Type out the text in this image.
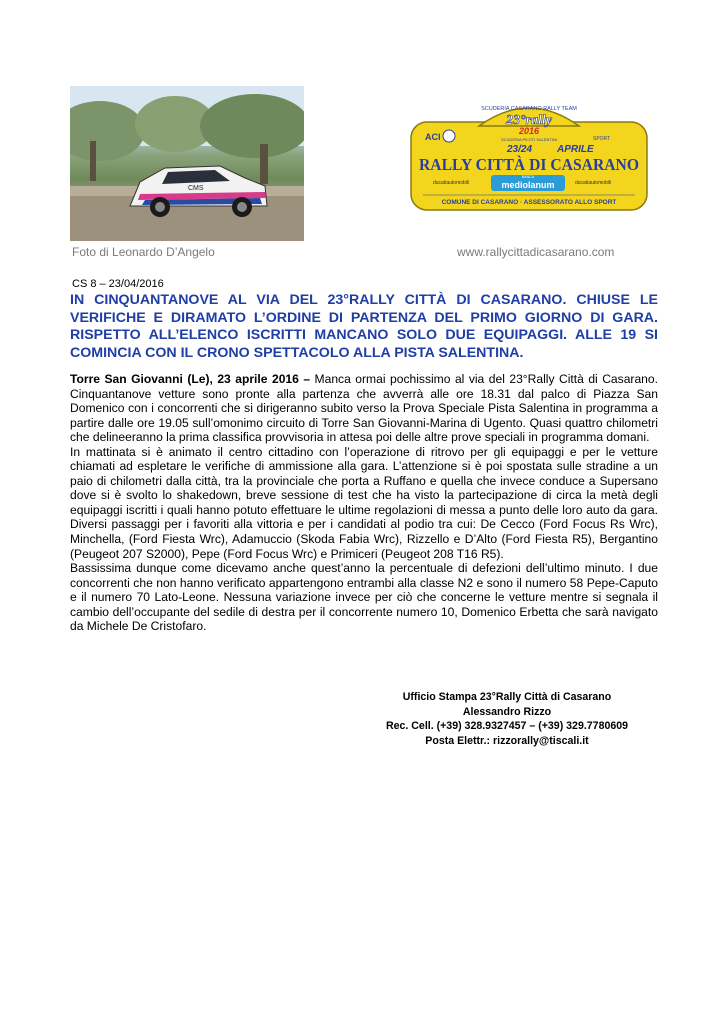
CMS
SCUDERIA CASARANO RALLY TEAM
23°rally
2016
SCUDERIA PILOTI SALENTINI
ACI
23/24 APRILE
SPORT
RALLY CITTÀ DI CASARANO
ducatiautomobili
BANCA
mediolanum	ducatiautomobili
COMUNE DI CASARANO · ASSESSORATO ALLO SPORT
Foto di Leonardo D’Angelo	www.rallycittadicasarano.com
CS 8 – 23/04/2016
IN CINQUANTANOVE AL VIA DEL 23°RALLY CITTÀ DI CASARANO. CHIUSE LE VERIFICHE E DIRAMATO L’ORDINE DI PARTENZA DEL PRIMO GIORNO DI GARA. RISPETTO ALL’ELENCO ISCRITTI MANCANO SOLO DUE EQUIPAGGI. ALLE 19 SI COMINCIA CON IL CRONO SPETTACOLO ALLA PISTA SALENTINA.

Torre San Giovanni (Le), 23 aprile 2016 – Manca ormai pochissimo al via del 23°Rally Città di Casarano. Cinquantanove vetture sono pronte alla partenza che avverrà alle ore 18.31 dal palco di Piazza San Domenico con i concorrenti che si dirigeranno subito verso la Prova Speciale Pista Salentina in programma a partire dalle ore 19.05 sull’omonimo circuito di Torre San Giovanni-Marina di Ugento. Quasi quattro chilometri che delineeranno la prima classifica provvisoria in attesa poi delle altre prove speciali in programma domani.

In mattinata si è animato il centro cittadino con l’operazione di ritrovo per gli equipaggi e per le vetture chiamati ad espletare le verifiche di ammissione alla gara. L’attenzione si è poi spostata sulle stradine a un paio di chilometri dalla città, tra la provinciale che porta a Ruffano e quella che invece conduce a Supersano dove si è svolto lo shakedown, breve sessione di test che ha visto la partecipazione di circa la metà degli equipaggi iscritti i quali hanno potuto effettuare le ultime regolazioni di messa a punto delle loro auto da gara. Diversi passaggi per i favoriti alla vittoria e per i candidati al podio tra cui: De Cecco (Ford Focus Rs Wrc), Minchella, (Ford Fiesta Wrc), Adamuccio (Skoda Fabia Wrc), Rizzello e D’Alto (Ford Fiesta R5), Bergantino (Peugeot 207 S2000), Pepe (Ford Focus Wrc) e Primiceri (Peugeot 208 T16 R5).

Bassissima dunque come dicevamo anche quest’anno la percentuale di defezioni dell’ultimo minuto. I due concorrenti che non hanno verificato appartengono entrambi alla classe N2 e sono il numero 58 Pepe-Caputo e il numero 70 Lato-Leone. Nessuna variazione invece per ciò che concerne le vetture mentre si segnala il cambio dell’occupante del sedile di destra per il concorrente numero 10, Domenico Erbetta che sarà navigato da Michele De Cristofaro.

Ufficio Stampa 23°Rally Città di Casarano
Alessandro Rizzo
Rec. Cell. (+39) 328.9327457 – (+39) 329.7780609
Posta Elettr.: rizzorally@tiscali.it
